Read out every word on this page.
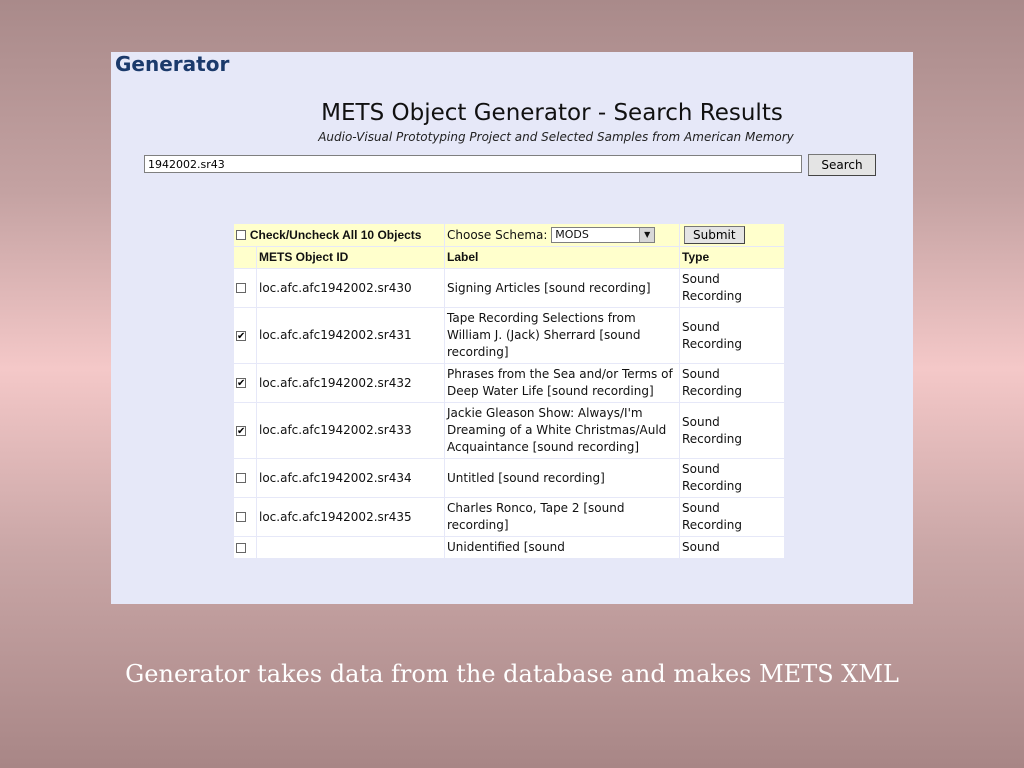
Generator
METS Object Generator - Search Results
Audio-Visual Prototyping Project and Selected Samples from American Memory
1942002.sr43
Search
Check/Uncheck All 10 Objects		Choose Schema: MODS ▼	Submit
	METS Object ID	Label	Type
	loc.afc.afc1942002.sr430	Signing Articles [sound recording]	Sound Recording
✔	loc.afc.afc1942002.sr431	Tape Recording Selections from William J. (Jack) Sherrard [sound recording]	Sound Recording
✔	loc.afc.afc1942002.sr432	Phrases from the Sea and/or Terms of Deep Water Life [sound recording]	Sound Recording
✔	loc.afc.afc1942002.sr433	Jackie Gleason Show: Always/I'm Dreaming of a White Christmas/Auld Acquaintance [sound recording]	Sound Recording
	loc.afc.afc1942002.sr434	Untitled [sound recording]	Sound Recording
	loc.afc.afc1942002.sr435	Charles Ronco, Tape 2 [sound recording]	Sound Recording
		Unidentified [sound	Sound
Generator takes data from the database and makes METS XML
